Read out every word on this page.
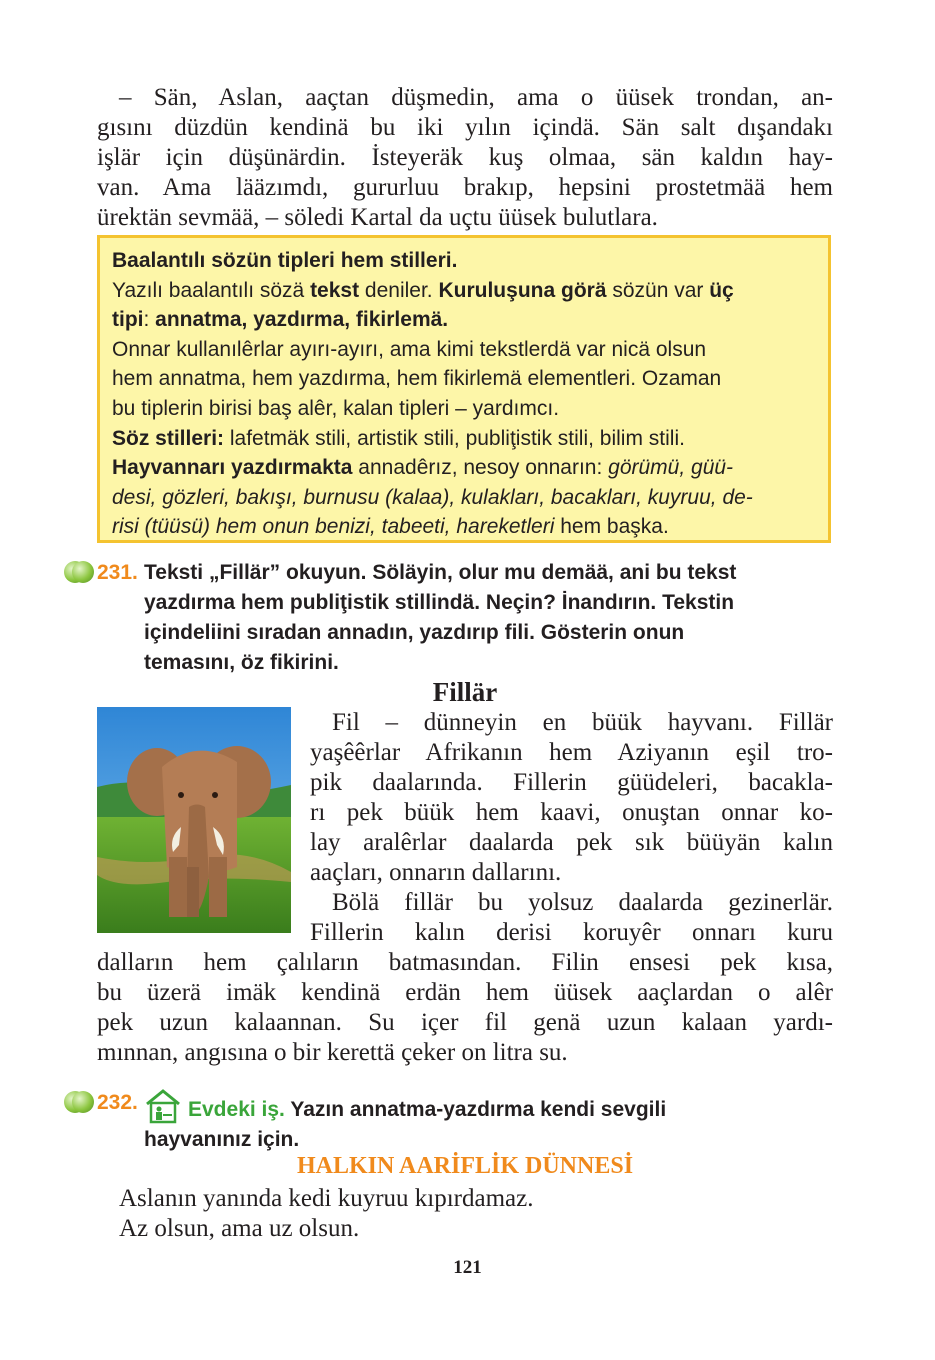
– Sän, Aslan, aaçtan düşmedin, ama o üüsek trondan, an-
gısını düzdün kendinä bu iki yılın içindä. Sän salt dışandakı
işlär için düşünärdin. İsteyeräk kuş olmaa, sän kaldın hay-
van. Ama lääzımdı, gururluu brakıp, hepsini prostetmää hem
ürektän sevmää, – söledi Kartal da uçtu üüsek bulutlara.
Baalantılı sözün tipleri hem stilleri.
Yazılı baalantılı sözä tekst deniler. Kuruluşuna görä sözün var üç
tipi: annatma, yazdırma, fikirlemä.
Onnar kullanılêrlar ayırı-ayırı, ama kimi tekstlerdä var nicä olsun
hem annatma, hem yazdırma, hem fikirlemä elementleri. Ozaman
bu tiplerin birisi baş alêr, kalan tipleri – yardımcı.
Söz stilleri: lafetmäk stili, artistik stili, publiţistik stili, bilim stili.
Hayvannarı yazdırmakta annadêrız, nesoy onnarın: görümü, güü-
desi, gözleri, bakışı, burnusu (kalaa), kulakları, bacakları, kuyruu, de-
risi (tüüsü) hem onun benizi, tabeeti, hareketleri hem başka.
231. Teksti „Fillär” okuyun. Söläyin, olur mu demää, ani bu tekst
yazdırma hem publiţistik stillindä. Neçin? İnandırın. Tekstin
içindeliini sıradan annadın, yazdırıp fili. Gösterin onun
temasını, öz fikirini.
Fillär
Fil – dünneyin en büük hayvanı. Fillär
yaşêêrlar Afrikanın hem Aziyanın eşil tro-
pik daalarında. Fillerin güüdeleri, bacakla-
rı pek büük hem kaavi, onuştan onnar ko-
lay aralêrlar daalarda pek sık büüyän kalın
aaçları, onnarın dallarını.
Bölä fillär bu yolsuz daalarda gezinerlär.
Fillerin kalın derisi koruyêr onnarı kuru
dalların hem çalıların batmasından. Filin ensesi pek kısa,
bu üzerä imäk kendinä erdän hem üüsek aaçlardan o alêr
pek uzun kalaannan. Su içer fil genä uzun kalaan yardı-
mınnan, angısına o bir kerettä çeker on litra su.
232.	Evdeki iş. Yazın annatma-yazdırma kendi sevgili
hayvanınız için.
HALKIN AARİFLİK DÜNNESİ
Aslanın yanında kedi kuyruu kıpırdamaz.
Az olsun, ama uz olsun.
121
